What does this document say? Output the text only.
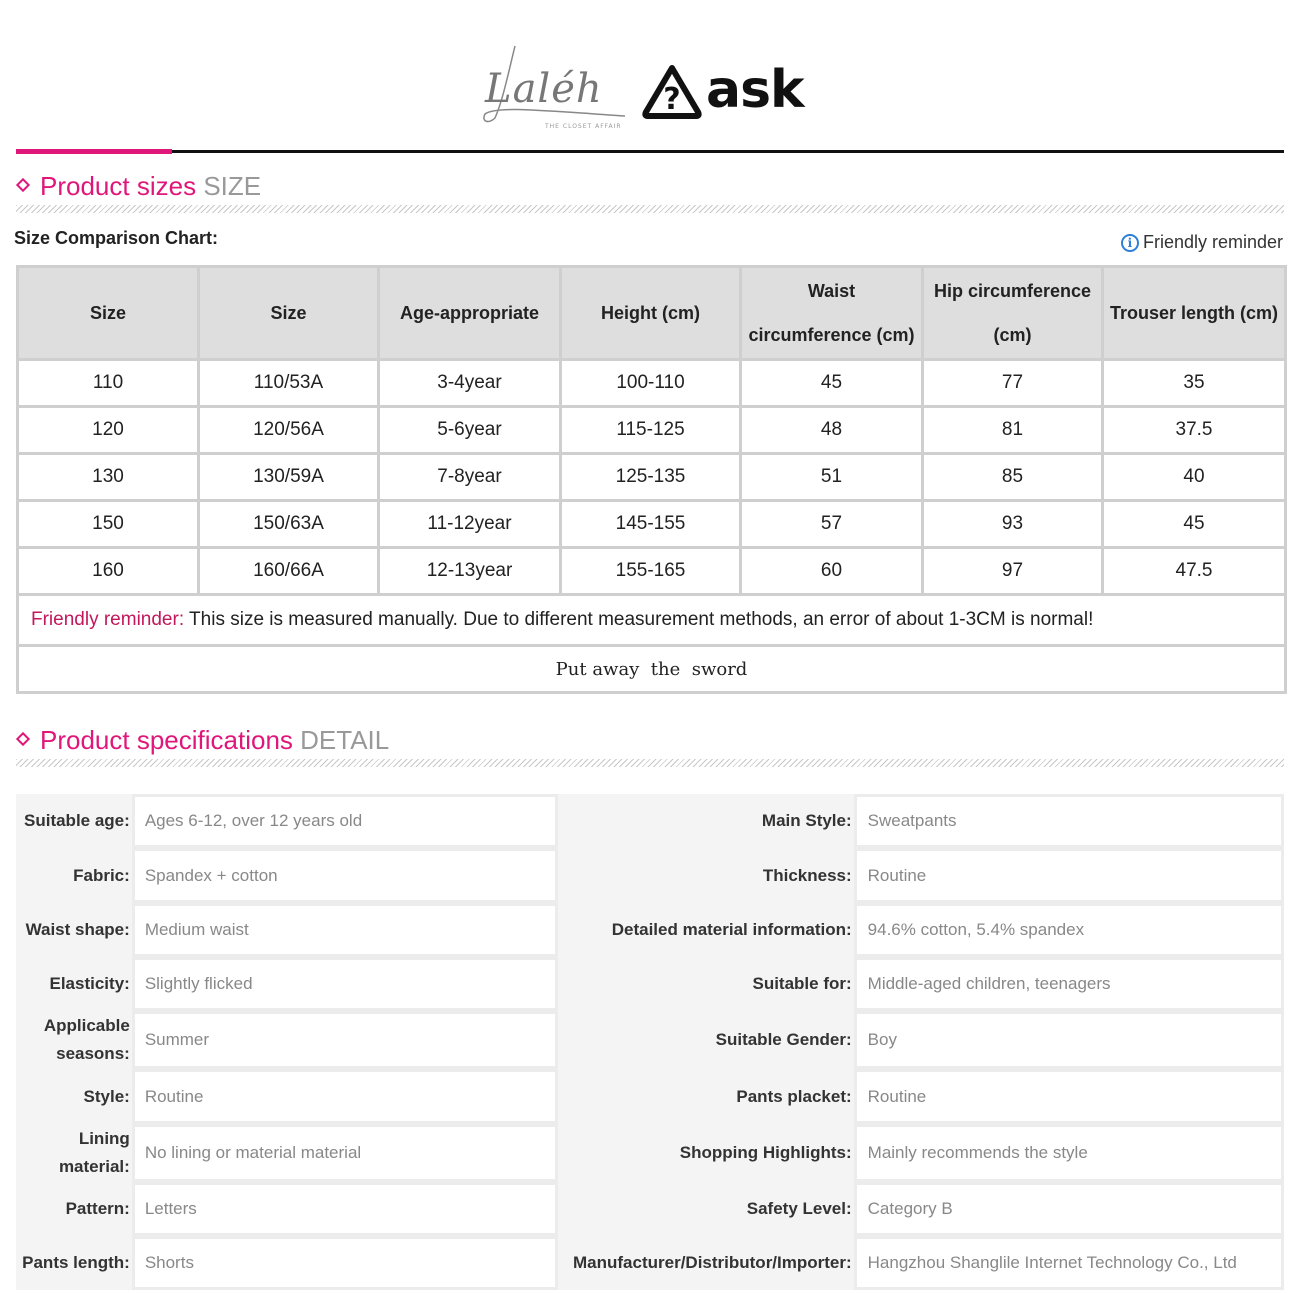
Laléh
THE CLOSET AFFAIR
? ask
Product sizes SIZE
Size Comparison Chart:	i Friendly reminder
Size	Size	Age-appropriate	Height (cm)	Waist circumference (cm)	Hip circumference (cm)	Trouser length (cm)
110	110/53A	3-4year	100-110	45	77	35
120	120/56A	5-6year	115-125	48	81	37.5
130	130/59A	7-8year	125-135	51	85	40
150	150/63A	11-12year	145-155	57	93	45
160	160/66A	12-13year	155-165	60	97	47.5
Friendly reminder: This size is measured manually. Due to different measurement methods, an error of about 1-3CM is normal!						
Put away  the  sword						
Product specifications DETAIL
Suitable age: Ages 6-12, over 12 years old	Main Style: Sweatpants
Fabric: Spandex + cotton	Thickness: Routine
Waist shape: Medium waist	Detailed material information: 94.6% cotton, 5.4% spandex
Elasticity: Slightly flicked	Suitable for: Middle-aged children, teenagers
Applicable seasons:
Summer	Suitable Gender: Boy
Style: Routine	Pants placket: Routine
Lining material:
No lining or material material	Shopping Highlights: Mainly recommends the style
Pattern: Letters	Safety Level: Category B
Pants length: Shorts	Manufacturer/Distributor/Importer: Hangzhou Shanglile Internet Technology Co., Ltd
